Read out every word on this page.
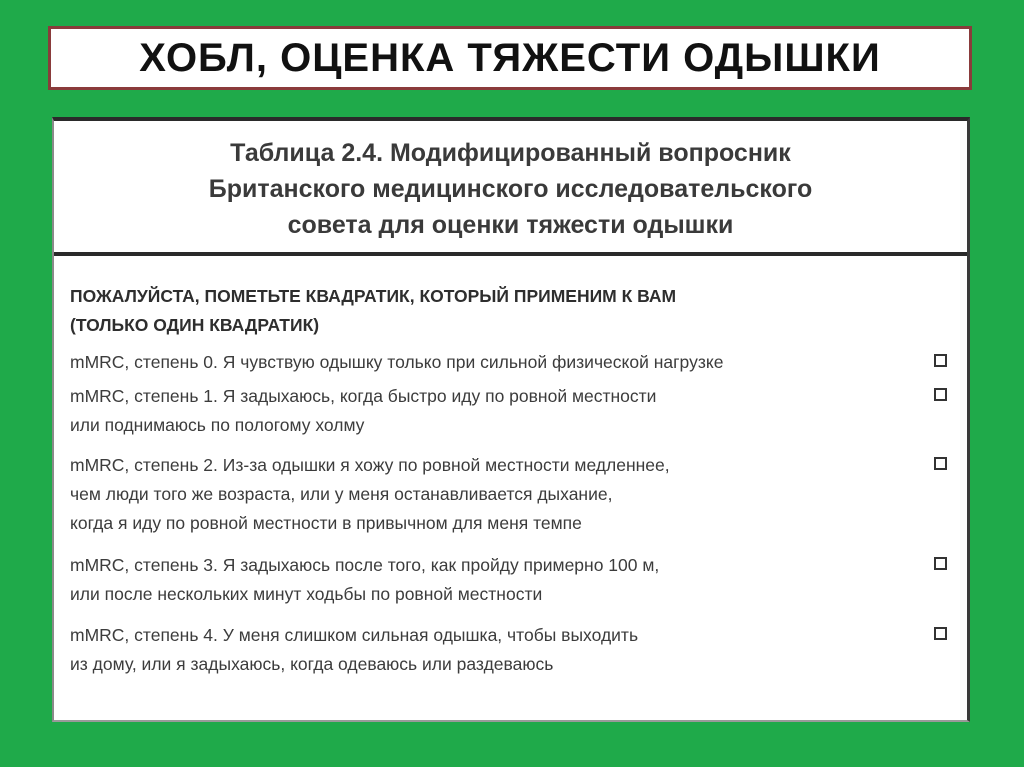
ХОБЛ, ОЦЕНКА ТЯЖЕСТИ ОДЫШКИ
Таблица 2.4. Модифицированный вопросник
Британского медицинского исследовательского
совета для оценки тяжести одышки
ПОЖАЛУЙСТА, ПОМЕТЬТЕ КВАДРАТИК, КОТОРЫЙ ПРИМЕНИМ К ВАМ
(ТОЛЬКО ОДИН КВАДРАТИК)
mMRC, степень 0. Я чувствую одышку только при сильной физической нагрузке
mMRC, степень 1. Я задыхаюсь, когда быстро иду по ровной местности
или поднимаюсь по пологому холму
mMRC, степень 2. Из-за одышки я хожу по ровной местности медленнее,
чем люди того же возраста, или у меня останавливается дыхание,
когда я иду по ровной местности в привычном для меня темпе
mMRC, степень 3. Я задыхаюсь после того, как пройду примерно 100 м,
или после нескольких минут ходьбы по ровной местности
mMRC, степень 4. У меня слишком сильная одышка, чтобы выходить
из дому, или я задыхаюсь, когда одеваюсь или раздеваюсь
